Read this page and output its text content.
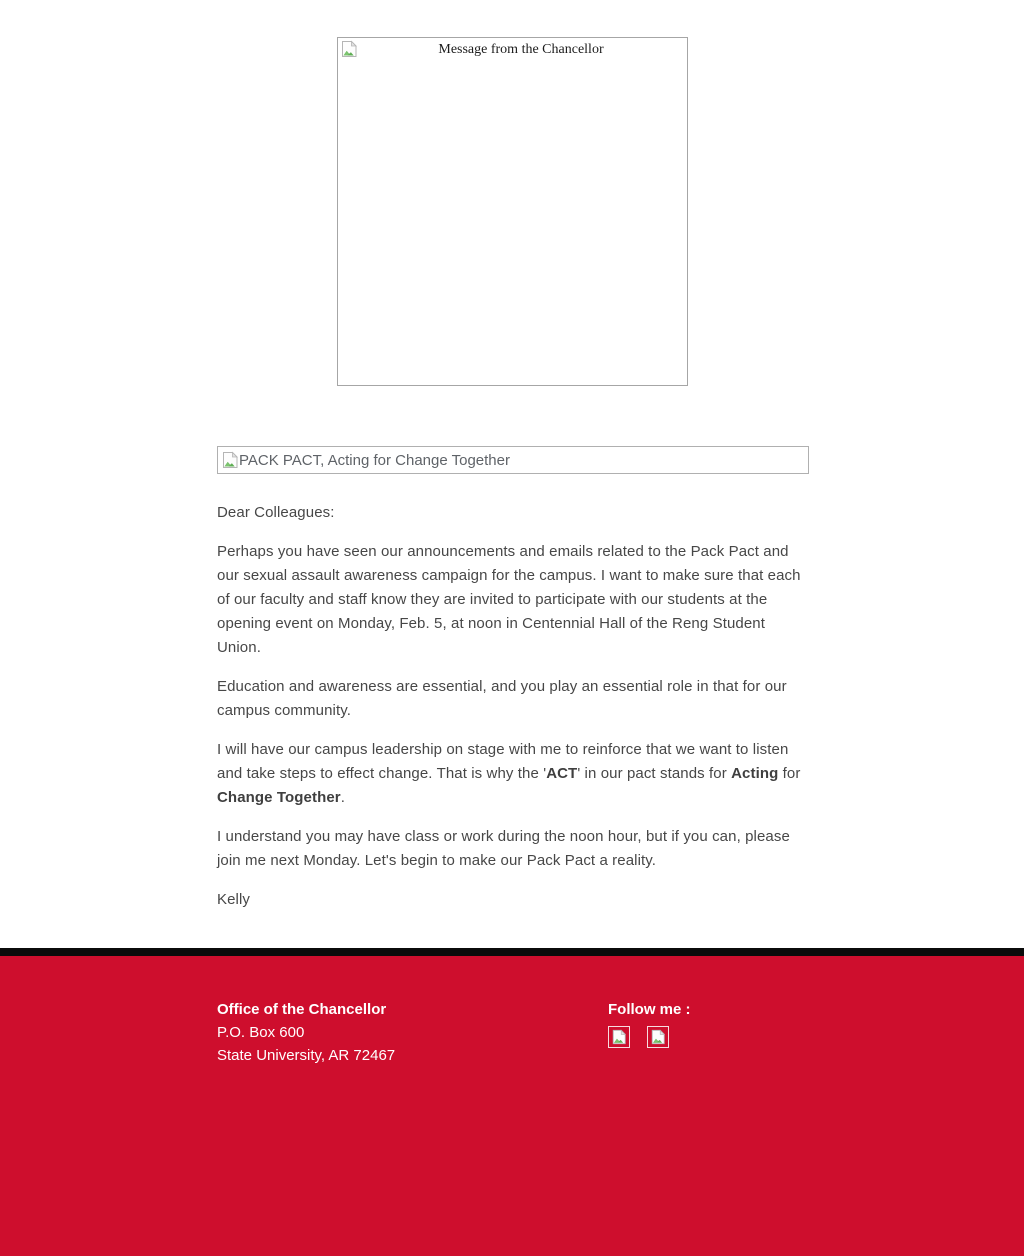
Message from the Chancellor
PACK PACT, Acting for Change Together

Dear Colleagues:

Perhaps you have seen our announcements and emails related to the Pack Pact and our sexual assault awareness campaign for the campus. I want to make sure that each of our faculty and staff know they are invited to participate with our students at the opening event on Monday, Feb. 5, at noon in Centennial Hall of the Reng Student Union.

Education and awareness are essential, and you play an essential role in that for our campus community.

I will have our campus leadership on stage with me to reinforce that we want to listen and take steps to effect change. That is why the 'ACT' in our pact stands for Acting for Change Together.

I understand you may have class or work during the noon hour, but if you can, please join me next Monday. Let's begin to make our Pack Pact a reality.

Kelly

Office of the Chancellor
P.O. Box 600
State University, AR 72467
Follow me :
